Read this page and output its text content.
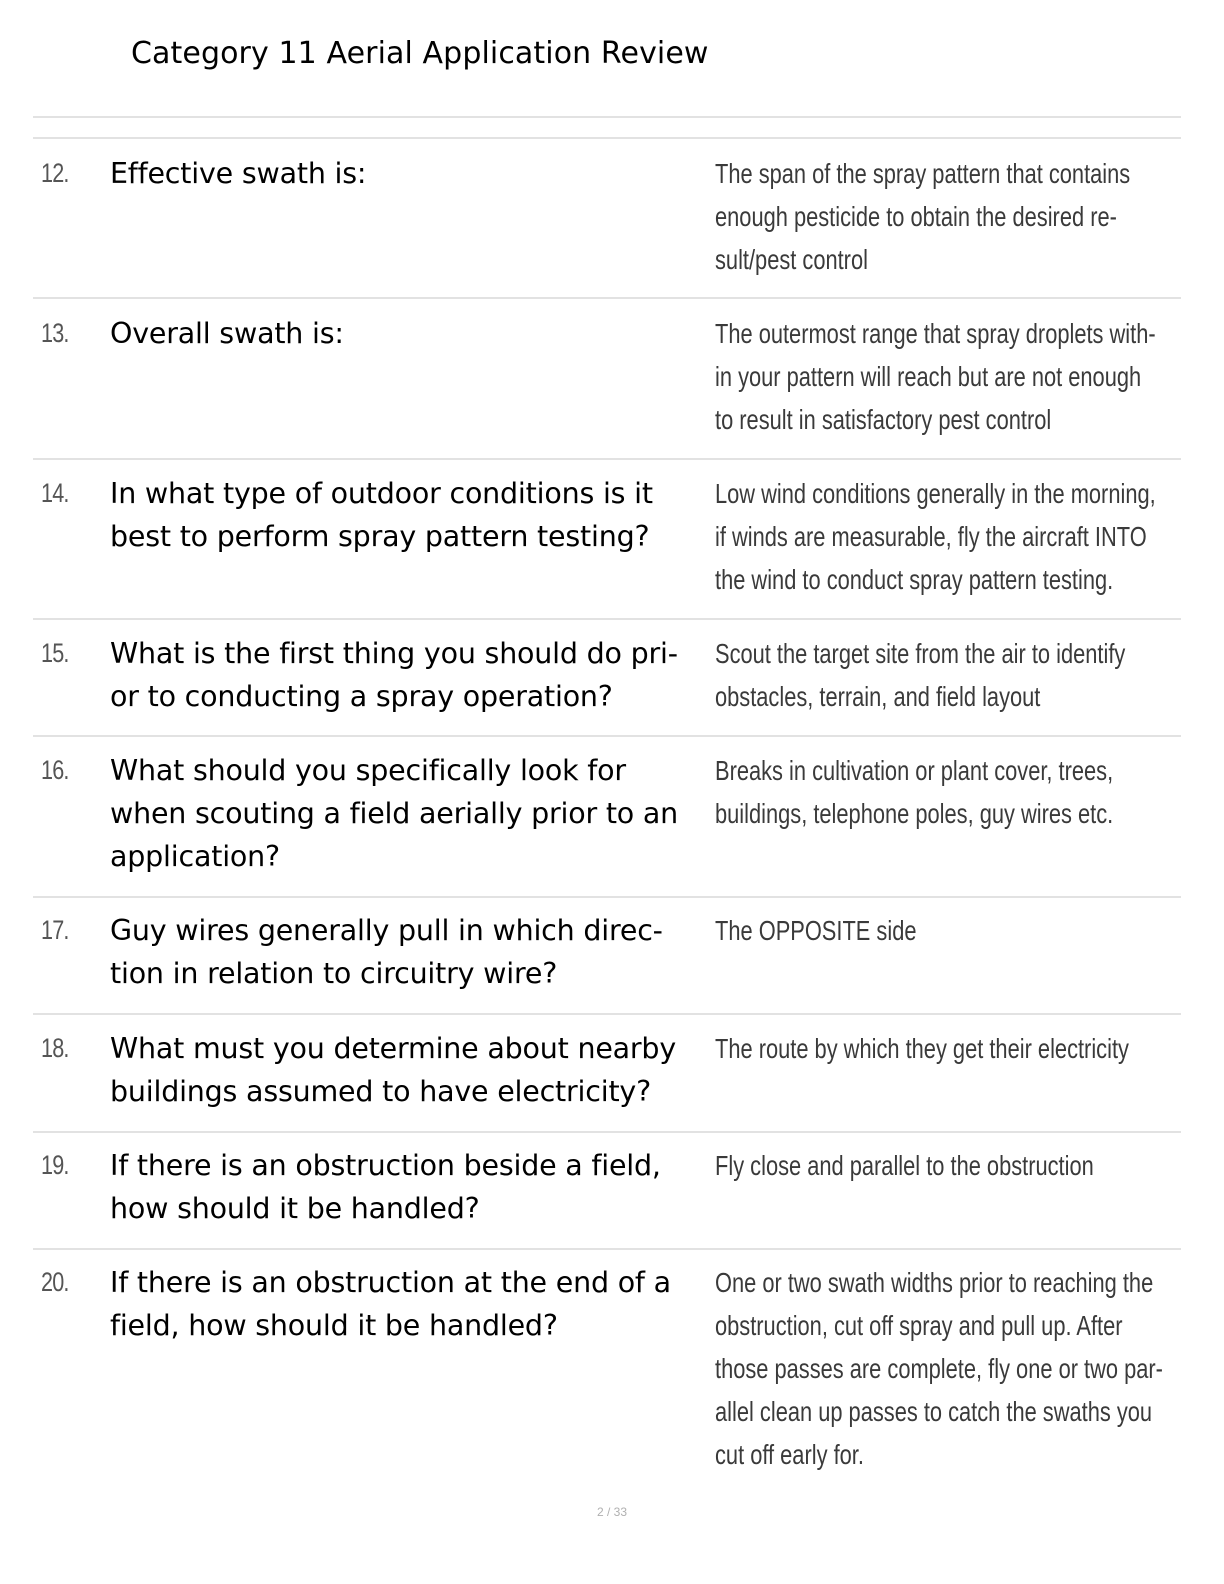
Category 11 Aerial Application Review
12. Effective swath is:	The span of the spray pattern that contains
enough pesticide to obtain the desired re-
sult/pest control
13. Overall swath is:	The outermost range that spray droplets with-
in your pattern will reach but are not enough
to result in satisfactory pest control
14. In what type of outdoor conditions is it
best to perform spray pattern testing?
Low wind conditions generally in the morning,
if winds are measurable, fly the aircraft INTO
the wind to conduct spray pattern testing.
15. What is the first thing you should do pri-
or to conducting a spray operation?
Scout the target site from the air to identify
obstacles, terrain, and field layout
16. What should you specifically look for
when scouting a field aerially prior to an
application?
Breaks in cultivation or plant cover, trees,
buildings, telephone poles, guy wires etc.
17. Guy wires generally pull in which direc-
tion in relation to circuitry wire?
The OPPOSITE side
18. What must you determine about nearby
buildings assumed to have electricity?
The route by which they get their electricity
19. If there is an obstruction beside a field,
how should it be handled?
Fly close and parallel to the obstruction
20. If there is an obstruction at the end of a
field, how should it be handled?
One or two swath widths prior to reaching the
obstruction, cut off spray and pull up. After
those passes are complete, fly one or two par-
allel clean up passes to catch the swaths you
cut off early for.
2 / 33
